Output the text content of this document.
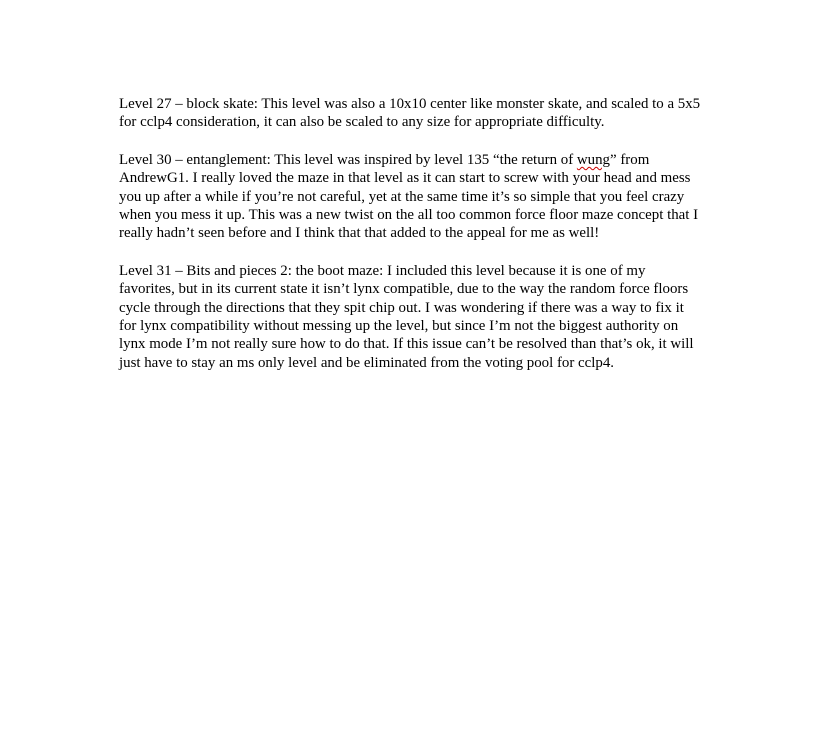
Level 27 – block skate: This level was also a 10x10 center like monster skate, and scaled to a 5x5 for cclp4 consideration, it can also be scaled to any size for appropriate difficulty.

Level 30 – entanglement: This level was inspired by level 135 “the return of wung” from AndrewG1. I really loved the maze in that level as it can start to screw with your head and mess you up after a while if you’re not careful, yet at the same time it’s so simple that you feel crazy when you mess it up. This was a new twist on the all too common force floor maze concept that I really hadn’t seen before and I think that that added to the appeal for me as well!

Level 31 – Bits and pieces 2: the boot maze: I included this level because it is one of my favorites, but in its current state it isn’t lynx compatible, due to the way the random force floors cycle through the directions that they spit chip out. I was wondering if there was a way to fix it for lynx compatibility without messing up the level, but since I’m not the biggest authority on lynx mode I’m not really sure how to do that. If this issue can’t be resolved than that’s ok, it will just have to stay an ms only level and be eliminated from the voting pool for cclp4.
